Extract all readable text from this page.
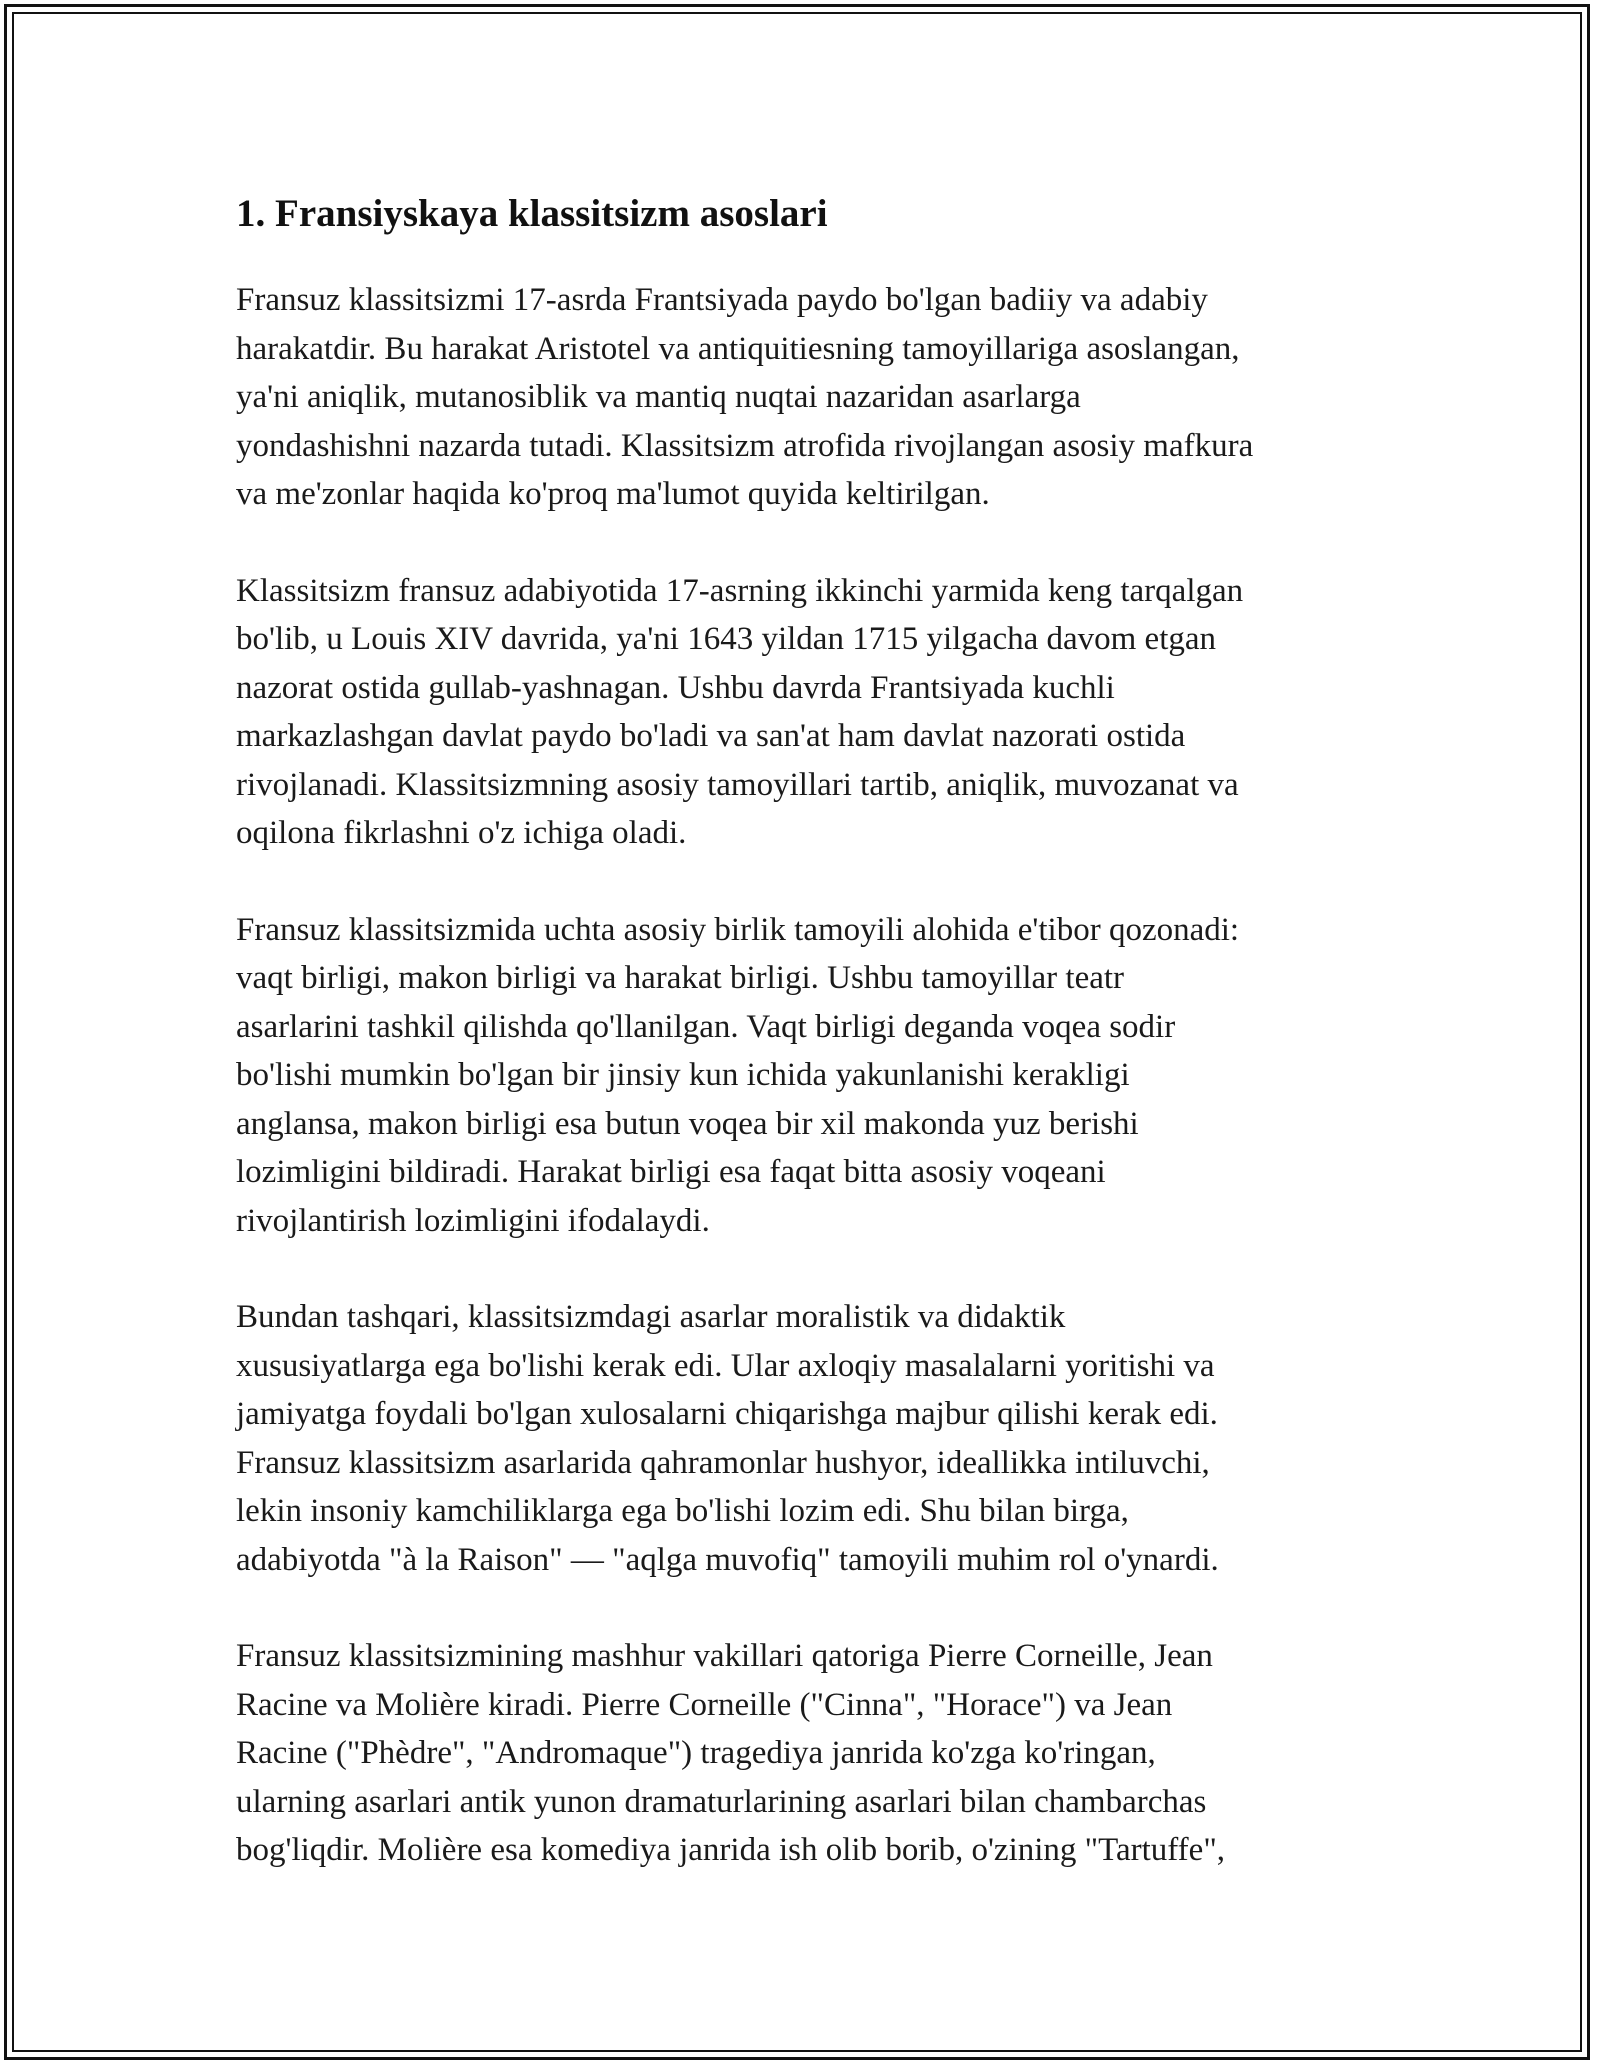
1. Fransiyskaya klassitsizm asoslari

Fransuz klassitsizmi 17-asrda Frantsiyada paydo bo'lgan badiiy va adabiy
harakatdir. Bu harakat Aristotel va antiquitiesning tamoyillariga asoslangan,
ya'ni aniqlik, mutanosiblik va mantiq nuqtai nazaridan asarlarga
yondashishni nazarda tutadi. Klassitsizm atrofida rivojlangan asosiy mafkura
va me'zonlar haqida ko'proq ma'lumot quyida keltirilgan.

Klassitsizm fransuz adabiyotida 17-asrning ikkinchi yarmida keng tarqalgan
bo'lib, u Louis XIV davrida, ya'ni 1643 yildan 1715 yilgacha davom etgan
nazorat ostida gullab-yashnagan. Ushbu davrda Frantsiyada kuchli
markazlashgan davlat paydo bo'ladi va san'at ham davlat nazorati ostida
rivojlanadi. Klassitsizmning asosiy tamoyillari tartib, aniqlik, muvozanat va
oqilona fikrlashni o'z ichiga oladi.

Fransuz klassitsizmida uchta asosiy birlik tamoyili alohida e'tibor qozonadi:
vaqt birligi, makon birligi va harakat birligi. Ushbu tamoyillar teatr
asarlarini tashkil qilishda qo'llanilgan. Vaqt birligi deganda voqea sodir
bo'lishi mumkin bo'lgan bir jinsiy kun ichida yakunlanishi kerakligi
anglansa, makon birligi esa butun voqea bir xil makonda yuz berishi
lozimligini bildiradi. Harakat birligi esa faqat bitta asosiy voqeani
rivojlantirish lozimligini ifodalaydi.

Bundan tashqari, klassitsizmdagi asarlar moralistik va didaktik
xususiyatlarga ega bo'lishi kerak edi. Ular axloqiy masalalarni yoritishi va
jamiyatga foydali bo'lgan xulosalarni chiqarishga majbur qilishi kerak edi.
Fransuz klassitsizm asarlarida qahramonlar hushyor, ideallikka intiluvchi,
lekin insoniy kamchiliklarga ega bo'lishi lozim edi. Shu bilan birga,
adabiyotda "à la Raison" — "aqlga muvofiq" tamoyili muhim rol o'ynardi.

Fransuz klassitsizmining mashhur vakillari qatoriga Pierre Corneille, Jean
Racine va Molière kiradi. Pierre Corneille ("Cinna", "Horace") va Jean
Racine ("Phèdre", "Andromaque") tragediya janrida ko'zga ko'ringan,
ularning asarlari antik yunon dramaturlarining asarlari bilan chambarchas
bog'liqdir. Molière esa komediya janrida ish olib borib, o'zining "Tartuffe",
